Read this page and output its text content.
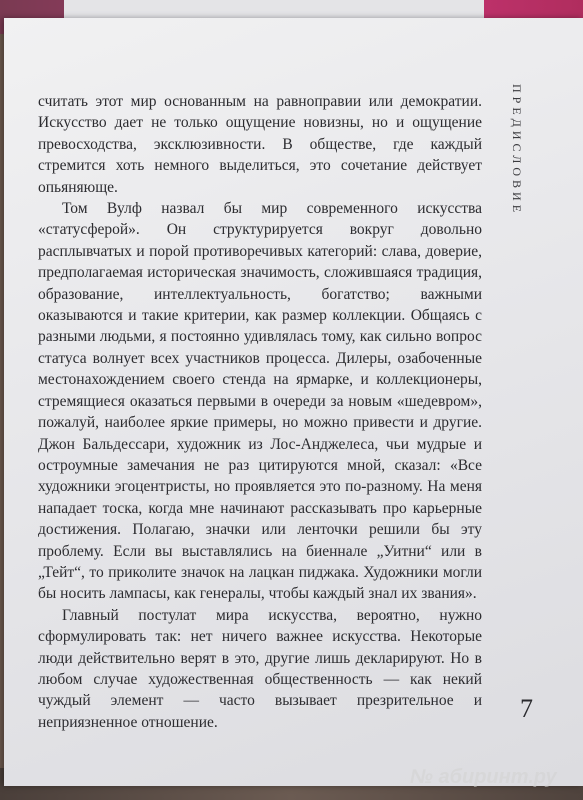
считать этот мир основанным на равноправии или демократии. Искусство дает не только ощущение новизны, но и ощущение превосходства, эксклюзивности. В обществе, где каждый стремится хоть немного выделиться, это сочетание действует опьяняюще.

Том Вулф назвал бы мир современного искусства «статусферой». Он структурируется вокруг довольно расплывчатых и порой противоречивых категорий: слава, доверие, предполагаемая историческая значимость, сложившаяся традиция, образование, интеллектуальность, богатство; важными оказываются и такие критерии, как размер коллекции. Общаясь с разными людьми, я постоянно удивлялась тому, как сильно вопрос статуса волнует всех участников процесса. Дилеры, озабоченные местонахождением своего стенда на ярмарке, и коллекционеры, стремящиеся оказаться первыми в очереди за новым «шедевром», пожалуй, наиболее яркие примеры, но можно привести и другие. Джон Бальдессари, художник из Лос-Анджелеса, чьи мудрые и остроумные замечания не раз цитируются мной, сказал: «Все художники эгоцентристы, но проявляется это по-разному. На меня нападает тоска, когда мне начинают рассказывать про карьерные достижения. Полагаю, значки или ленточки решили бы эту проблему. Если вы выставлялись на биеннале „Уитни“ или в „Тейт“, то приколите значок на лацкан пиджака. Художники могли бы носить лампасы, как генералы, чтобы каждый знал их звания».

Главный постулат мира искусства, вероятно, нужно сформулировать так: нет ничего важнее искусства. Некоторые люди действительно верят в это, другие лишь декларируют. Но в любом случае художественная общественность — как некий чуждый элемент — часто вызывает презрительное и неприязненное отношение.

ПРЕДИСЛОВИЕ
7
№ абиринт.ру
